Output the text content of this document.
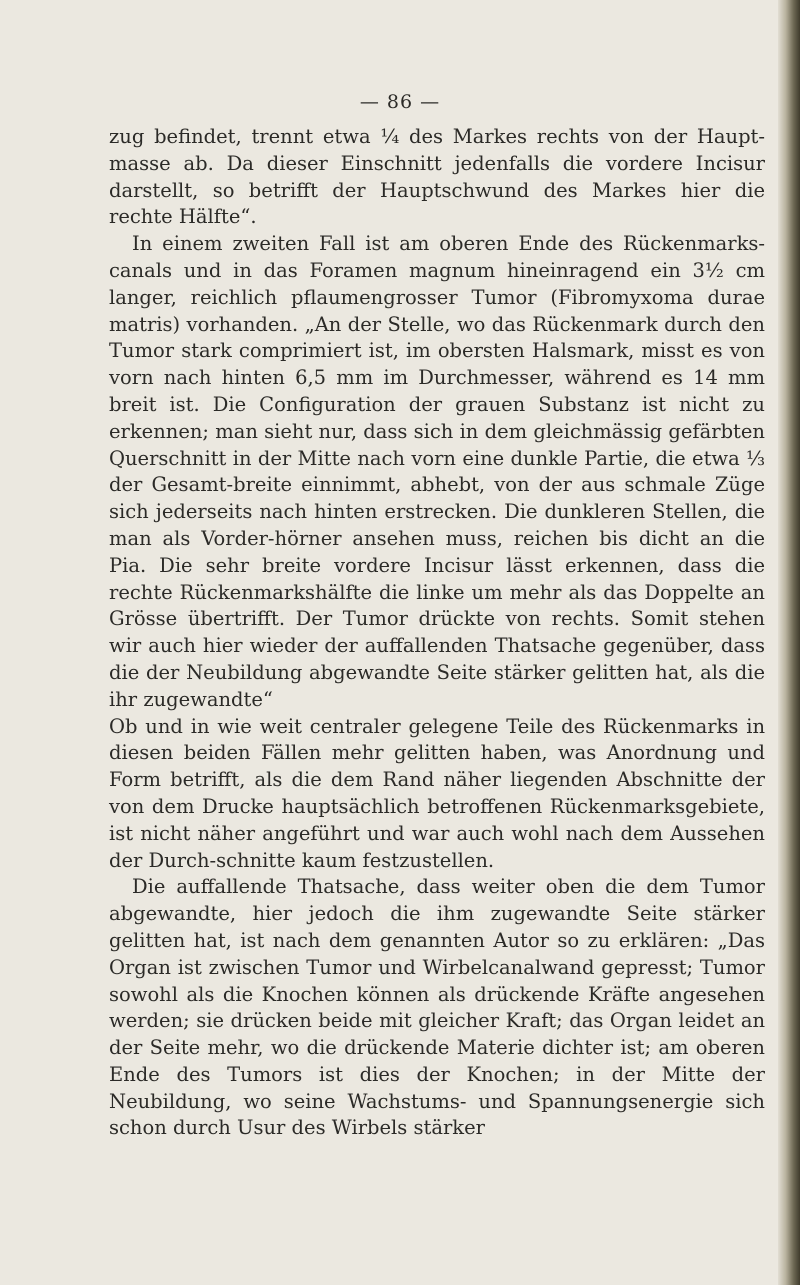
— 86 —

zug befindet, trennt etwa ¼ des Markes rechts von der Haupt-masse ab. Da dieser Einschnitt jedenfalls die vordere Incisur darstellt, so betrifft der Hauptschwund des Markes hier die rechte Hälfte“.

In einem zweiten Fall ist am oberen Ende des Rückenmarks-canals und in das Foramen magnum hineinragend ein 3½ cm langer, reichlich pflaumengrosser Tumor (Fibromyxoma durae matris) vorhanden. „An der Stelle, wo das Rückenmark durch den Tumor stark comprimiert ist, im obersten Halsmark, misst es von vorn nach hinten 6,5 mm im Durchmesser, während es 14 mm breit ist. Die Configuration der grauen Substanz ist nicht zu erkennen; man sieht nur, dass sich in dem gleichmässig gefärbten Querschnitt in der Mitte nach vorn eine dunkle Partie, die etwa ⅓ der Gesamt-breite einnimmt, abhebt, von der aus schmale Züge sich jederseits nach hinten erstrecken. Die dunkleren Stellen, die man als Vorder-hörner ansehen muss, reichen bis dicht an die Pia. Die sehr breite vordere Incisur lässt erkennen, dass die rechte Rückenmarkshälfte die linke um mehr als das Doppelte an Grösse übertrifft. Der Tumor drückte von rechts. Somit stehen wir auch hier wieder der auffallenden Thatsache gegenüber, dass die der Neubildung abgewandte Seite stärker gelitten hat, als die ihr zugewandte“

Ob und in wie weit centraler gelegene Teile des Rückenmarks in diesen beiden Fällen mehr gelitten haben, was Anordnung und Form betrifft, als die dem Rand näher liegenden Abschnitte der von dem Drucke hauptsächlich betroffenen Rückenmarksgebiete, ist nicht näher angeführt und war auch wohl nach dem Aussehen der Durch-schnitte kaum festzustellen.

Die auffallende Thatsache, dass weiter oben die dem Tumor abgewandte, hier jedoch die ihm zugewandte Seite stärker gelitten hat, ist nach dem genannten Autor so zu erklären: „Das Organ ist zwischen Tumor und Wirbelcanalwand gepresst; Tumor sowohl als die Knochen können als drückende Kräfte angesehen werden; sie drücken beide mit gleicher Kraft; das Organ leidet an der Seite mehr, wo die drückende Materie dichter ist; am oberen Ende des Tumors ist dies der Knochen; in der Mitte der Neubildung, wo seine Wachstums- und Spannungsenergie sich schon durch Usur des Wirbels stärker
